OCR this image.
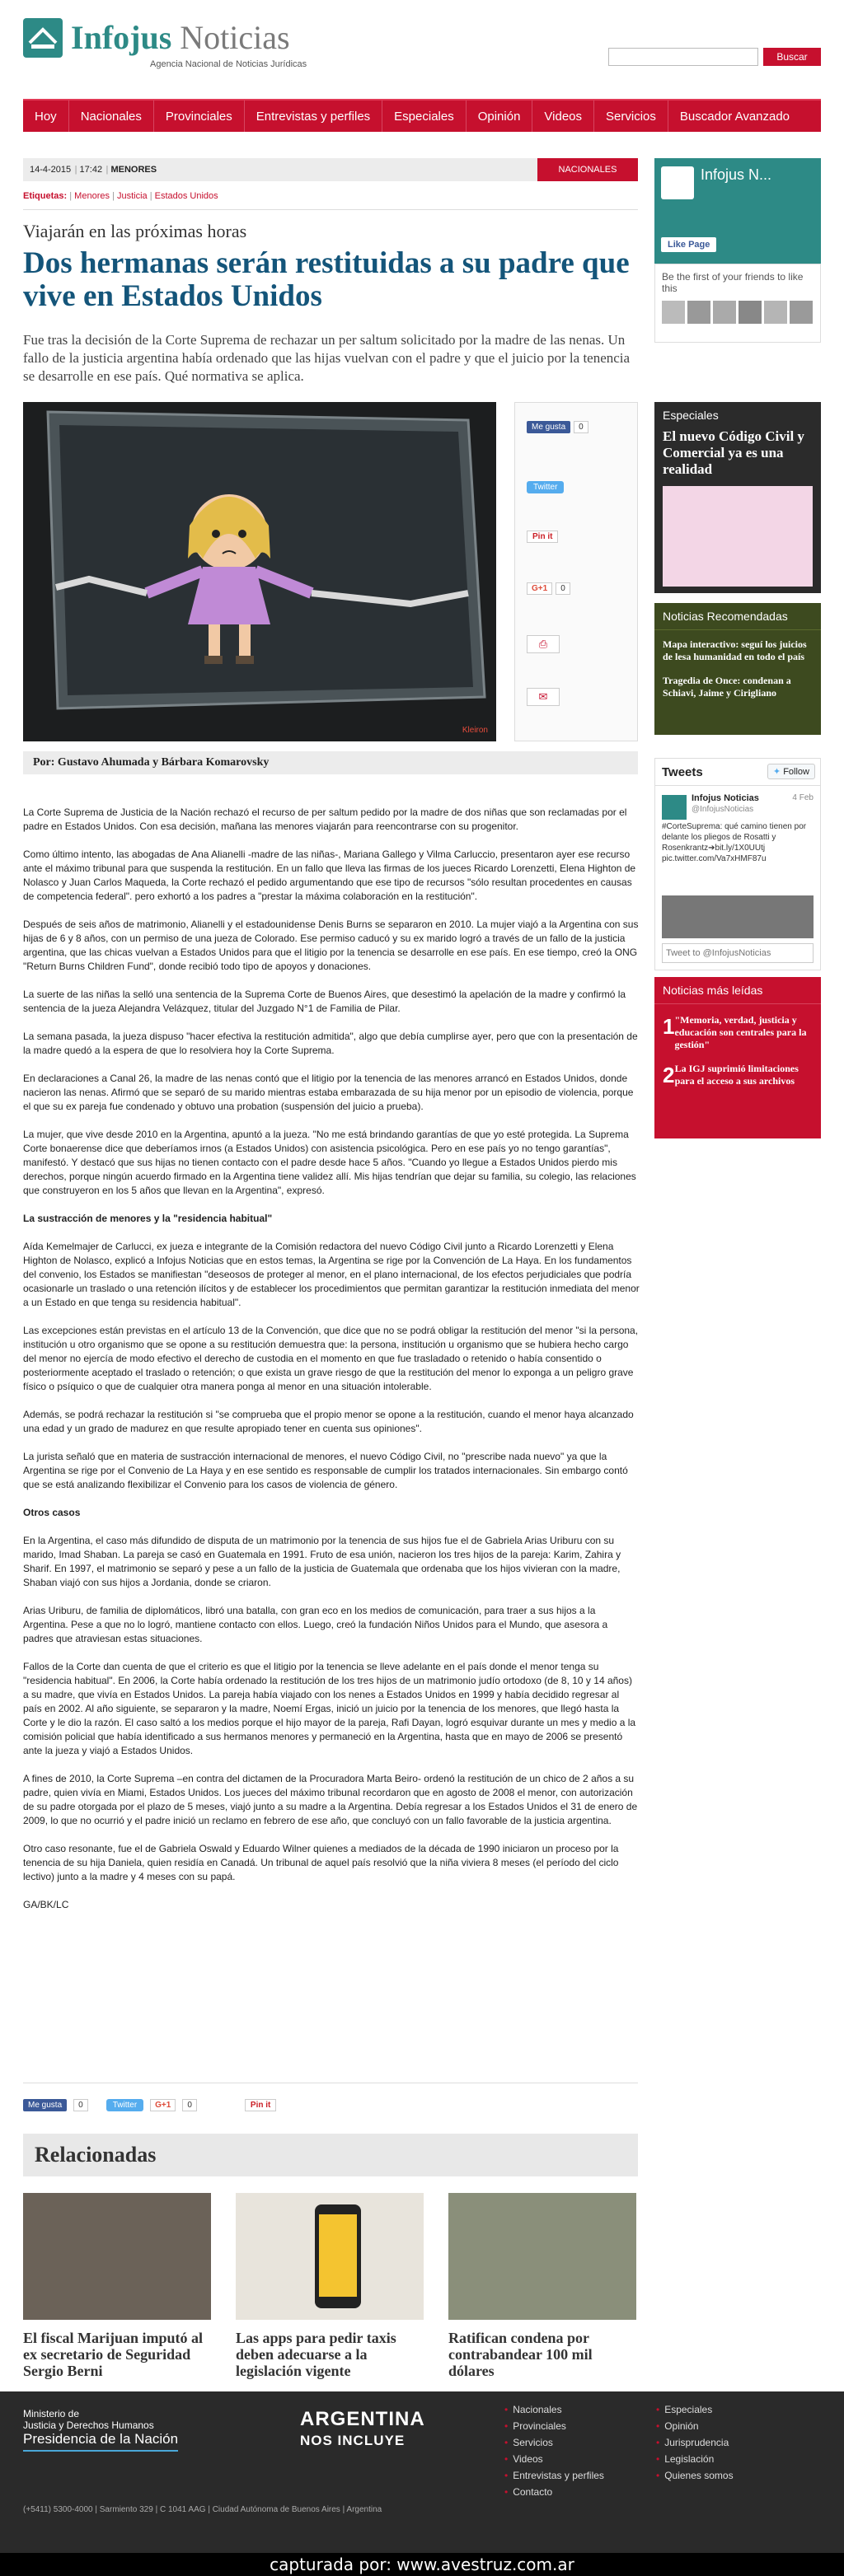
Infojus Noticias
Agencia Nacional de Noticias Jurídicas
Buscar
Hoy	Nacionales	Provinciales	Entrevistas y perfiles	Especiales	Opinión	Videos	Servicios	Buscador Avanzado
14-4-2015 | 17:42 | MENORES	NACIONALES
Etiquetas: | Menores | Justicia | Estados Unidos
Viajarán en las próximas horas
Dos hermanas serán restituidas a su padre que vive en Estados Unidos

Fue tras la decisión de la Corte Suprema de rechazar un per saltum solicitado por la madre de las nenas. Un fallo de la justicia argentina había ordenado que las hijas vuelvan con el padre y que el juicio por la tenencia se desarrolle en ese país. Qué normativa se aplica.

Kleiron
Me gusta	0
Twitter
Pin it
G+1	0
⎙
✉
Por: Gustavo Ahumada y Bárbara Komarovsky

La Corte Suprema de Justicia de la Nación rechazó el recurso de per saltum pedido por la madre de dos niñas que son reclamadas por el padre en Estados Unidos. Con esa decisión, mañana las menores viajarán para reencontrarse con su progenitor.

Como último intento, las abogadas de Ana Alianelli -madre de las niñas-, Mariana Gallego y Vilma Carluccio, presentaron ayer ese recurso ante el máximo tribunal para que suspenda la restitución. En un fallo que lleva las firmas de los jueces Ricardo Lorenzetti, Elena Highton de Nolasco y Juan Carlos Maqueda, la Corte rechazó el pedido argumentando que ese tipo de recursos "sólo resultan procedentes en causas de competencia federal". pero exhortó a los padres a "prestar la máxima colaboración en la restitución".

Después de seis años de matrimonio, Alianelli y el estadounidense Denis Burns se separaron en 2010. La mujer viajó a la Argentina con sus hijas de 6 y 8 años, con un permiso de una jueza de Colorado. Ese permiso caducó y su ex marido logró a través de un fallo de la justicia argentina, que las chicas vuelvan a Estados Unidos para que el litigio por la tenencia se desarrolle en ese país. En ese tiempo, creó la ONG "Return Burns Children Fund", donde recibió todo tipo de apoyos y donaciones.

La suerte de las niñas la selló una sentencia de la Suprema Corte de Buenos Aires, que desestimó la apelación de la madre y confirmó la sentencia de la jueza Alejandra Velázquez, titular del Juzgado N°1 de Familia de Pilar.

La semana pasada, la jueza dispuso "hacer efectiva la restitución admitida", algo que debía cumplirse ayer, pero que con la presentación de la madre quedó a la espera de que lo resolviera hoy la Corte Suprema.

En declaraciones a Canal 26, la madre de las nenas contó que el litigio por la tenencia de las menores arrancó en Estados Unidos, donde nacieron las nenas. Afirmó que se separó de su marido mientras estaba embarazada de su hija menor por un episodio de violencia, porque el que su ex pareja fue condenado y obtuvo una probation (suspensión del juicio a prueba).

La mujer, que vive desde 2010 en la Argentina, apuntó a la jueza. "No me está brindando garantías de que yo esté protegida. La Suprema Corte bonaerense dice que deberíamos irnos (a Estados Unidos) con asistencia psicológica. Pero en ese país yo no tengo garantías", manifestó. Y destacó que sus hijas no tienen contacto con el padre desde hace 5 años. "Cuando yo llegue a Estados Unidos pierdo mis derechos, porque ningún acuerdo firmado en la Argentina tiene validez allí. Mis hijas tendrían que dejar su familia, su colegio, las relaciones que construyeron en los 5 años que llevan en la Argentina", expresó.

La sustracción de menores y la "residencia habitual"

Aída Kemelmajer de Carlucci, ex jueza e integrante de la Comisión redactora del nuevo Código Civil junto a Ricardo Lorenzetti y Elena Highton de Nolasco, explicó a Infojus Noticias que en estos temas, la Argentina se rige por la Convención de La Haya. En los fundamentos del convenio, los Estados se manifiestan "deseosos de proteger al menor, en el plano internacional, de los efectos perjudiciales que podría ocasionarle un traslado o una retención ilícitos y de establecer los procedimientos que permitan garantizar la restitución inmediata del menor a un Estado en que tenga su residencia habitual".

Las excepciones están previstas en el artículo 13 de la Convención, que dice que no se podrá obligar la restitución del menor "si la persona, institución u otro organismo que se opone a su restitución demuestra que: la persona, institución u organismo que se hubiera hecho cargo del menor no ejercía de modo efectivo el derecho de custodia en el momento en que fue trasladado o retenido o había consentido o posteriormente aceptado el traslado o retención; o que exista un grave riesgo de que la restitución del menor lo exponga a un peligro grave físico o psíquico o que de cualquier otra manera ponga al menor en una situación intolerable.

Además, se podrá rechazar la restitución si "se comprueba que el propio menor se opone a la restitución, cuando el menor haya alcanzado una edad y un grado de madurez en que resulte apropiado tener en cuenta sus opiniones".

La jurista señaló que en materia de sustracción internacional de menores, el nuevo Código Civil, no "prescribe nada nuevo" ya que la Argentina se rige por el Convenio de La Haya y en ese sentido es responsable de cumplir los tratados internacionales. Sin embargo contó que se está analizando flexibilizar el Convenio para los casos de violencia de género.

Otros casos

En la Argentina, el caso más difundido de disputa de un matrimonio por la tenencia de sus hijos fue el de Gabriela Arias Uriburu con su marido, Imad Shaban. La pareja se casó en Guatemala en 1991. Fruto de esa unión, nacieron los tres hijos de la pareja: Karim, Zahira y Sharif. En 1997, el matrimonio se separó y pese a un fallo de la justicia de Guatemala que ordenaba que los hijos vivieran con la madre, Shaban viajó con sus hijos a Jordania, donde se criaron.

Arias Uriburu, de familia de diplomáticos, libró una batalla, con gran eco en los medios de comunicación, para traer a sus hijos a la Argentina. Pese a que no lo logró, mantiene contacto con ellos. Luego, creó la fundación Niños Unidos para el Mundo, que asesora a padres que atraviesan estas situaciones.

Fallos de la Corte dan cuenta de que el criterio es que el litigio por la tenencia se lleve adelante en el país donde el menor tenga su "residencia habitual". En 2006, la Corte había ordenado la restitución de los tres hijos de un matrimonio judío ortodoxo (de 8, 10 y 14 años) a su madre, que vivía en Estados Unidos. La pareja había viajado con los nenes a Estados Unidos en 1999 y había decidido regresar al país en 2002. Al año siguiente, se separaron y la madre, Noemí Ergas, inició un juicio por la tenencia de los menores, que llegó hasta la Corte y le dio la razón. El caso saltó a los medios porque el hijo mayor de la pareja, Rafi Dayan, logró esquivar durante un mes y medio a la comisión policial que había identificado a sus hermanos menores y permaneció en la Argentina, hasta que en mayo de 2006 se presentó ante la jueza y viajó a Estados Unidos.

A fines de 2010, la Corte Suprema –en contra del dictamen de la Procuradora Marta Beiro- ordenó la restitución de un chico de 2 años a su padre, quien vivía en Miami, Estados Unidos. Los jueces del máximo tribunal recordaron que en agosto de 2008 el menor, con autorización de su padre otorgada por el plazo de 5 meses, viajó junto a su madre a la Argentina. Debía regresar a los Estados Unidos el 31 de enero de 2009, lo que no ocurrió y el padre inició un reclamo en febrero de ese año, que concluyó con un fallo favorable de la justicia argentina.

Otro caso resonante, fue el de Gabriela Oswald y Eduardo Wilner quienes a mediados de la década de 1990 iniciaron un proceso por la tenencia de su hija Daniela, quien residía en Canadá. Un tribunal de aquel país resolvió que la niña viviera 8 meses (el período del ciclo lectivo) junto a la madre y 4 meses con su papá.

GA/BK/LC

Me gusta	0	Twitter	G+1	0	Pin it
Relacionadas
El fiscal Marijuan imputó al ex secretario de Seguridad Sergio Berni
Las apps para pedir taxis deben adecuarse a la legislación vigente
Ratifican condena por contrabandear 100 mil dólares
Infojus N...
Like Page
Be the first of your friends to like this
Especiales
El nuevo Código Civil y Comercial ya es una realidad
Noticias Recomendadas
Mapa interactivo: seguí los juicios de lesa humanidad en todo el país
Tragedia de Once: condenan a Schiavi, Jaime y Cirigliano
Tweets	✦ Follow
Infojus Noticias
@InfojusNoticias
4 Feb
#CorteSuprema: qué camino tienen por delante los pliegos de Rosatti y Rosenkrantz➔bit.ly/1X0UUtj pic.twitter.com/Va7xHMF87u
Tweet to @InfojusNoticias
Noticias más leídas
1 "Memoria, verdad, justicia y educación son centrales para la gestión"
2 La IGJ suprimió limitaciones para el acceso a sus archivos
Ministerio de
Justicia y Derechos Humanos
Presidencia de la Nación
ARGENTINA
NOS INCLUYE
(+5411) 5300-4000 | Sarmiento 329 | C 1041 AAG | Ciudad Autónoma de Buenos Aires | Argentina
• Nacionales
• Provinciales
• Servicios
• Videos
• Entrevistas y perfiles
• Contacto
• Especiales
• Opinión
• Jurisprudencia
• Legislación
• Quienes somos
capturada por: www.avestruz.com.ar
